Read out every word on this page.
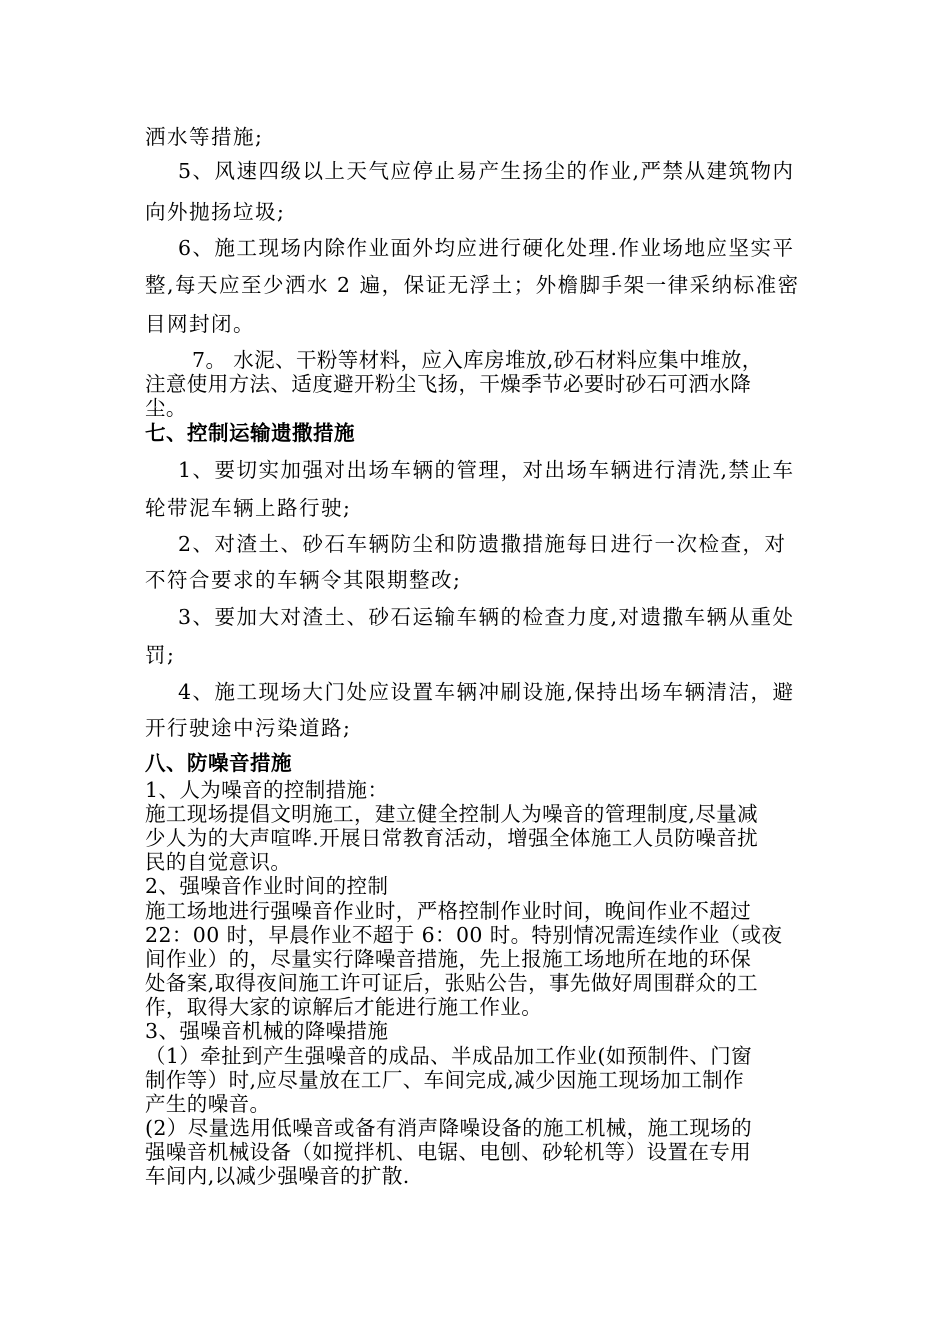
洒水等措施;
5、风速四级以上天气应停止易产生扬尘的作业,严禁从建筑物内
向外抛扬垃圾;
6、施工现场内除作业面外均应进行硬化处理.作业场地应坚实平
整,每天应至少洒水 2 遍，保证无浮土；外檐脚手架一律采纳标准密
目网封闭。
7。 水泥、干粉等材料，应入库房堆放,砂石材料应集中堆放，
注意使用方法、适度避开粉尘飞扬，干燥季节必要时砂石可洒水降
尘。
七、控制运输遗撒措施
1、要切实加强对出场车辆的管理，对出场车辆进行清洗,禁止车
轮带泥车辆上路行驶;
2、对渣土、砂石车辆防尘和防遗撒措施每日进行一次检查，对
不符合要求的车辆令其限期整改;
3、要加大对渣土、砂石运输车辆的检查力度,对遗撒车辆从重处
罚;
4、施工现场大门处应设置车辆冲刷设施,保持出场车辆清洁，避
开行驶途中污染道路;
八、防噪音措施
1、人为噪音的控制措施：
施工现场提倡文明施工，建立健全控制人为噪音的管理制度,尽量减
少人为的大声喧哗.开展日常教育活动，增强全体施工人员防噪音扰
民的自觉意识。
2、强噪音作业时间的控制
施工场地进行强噪音作业时，严格控制作业时间，晚间作业不超过
22：00 时，早晨作业不超于 6：00 时。特别情况需连续作业（或夜
间作业）的，尽量实行降噪音措施，先上报施工场地所在地的环保
处备案,取得夜间施工许可证后，张贴公告，事先做好周围群众的工
作，取得大家的谅解后才能进行施工作业。
3、强噪音机械的降噪措施
（1）牵扯到产生强噪音的成品、半成品加工作业(如预制件、门窗
制作等）时,应尽量放在工厂、车间完成,减少因施工现场加工制作
产生的噪音。
(2）尽量选用低噪音或备有消声降噪设备的施工机械，施工现场的
强噪音机械设备（如搅拌机、电锯、电刨、砂轮机等）设置在专用
车间内,以减少强噪音的扩散.
